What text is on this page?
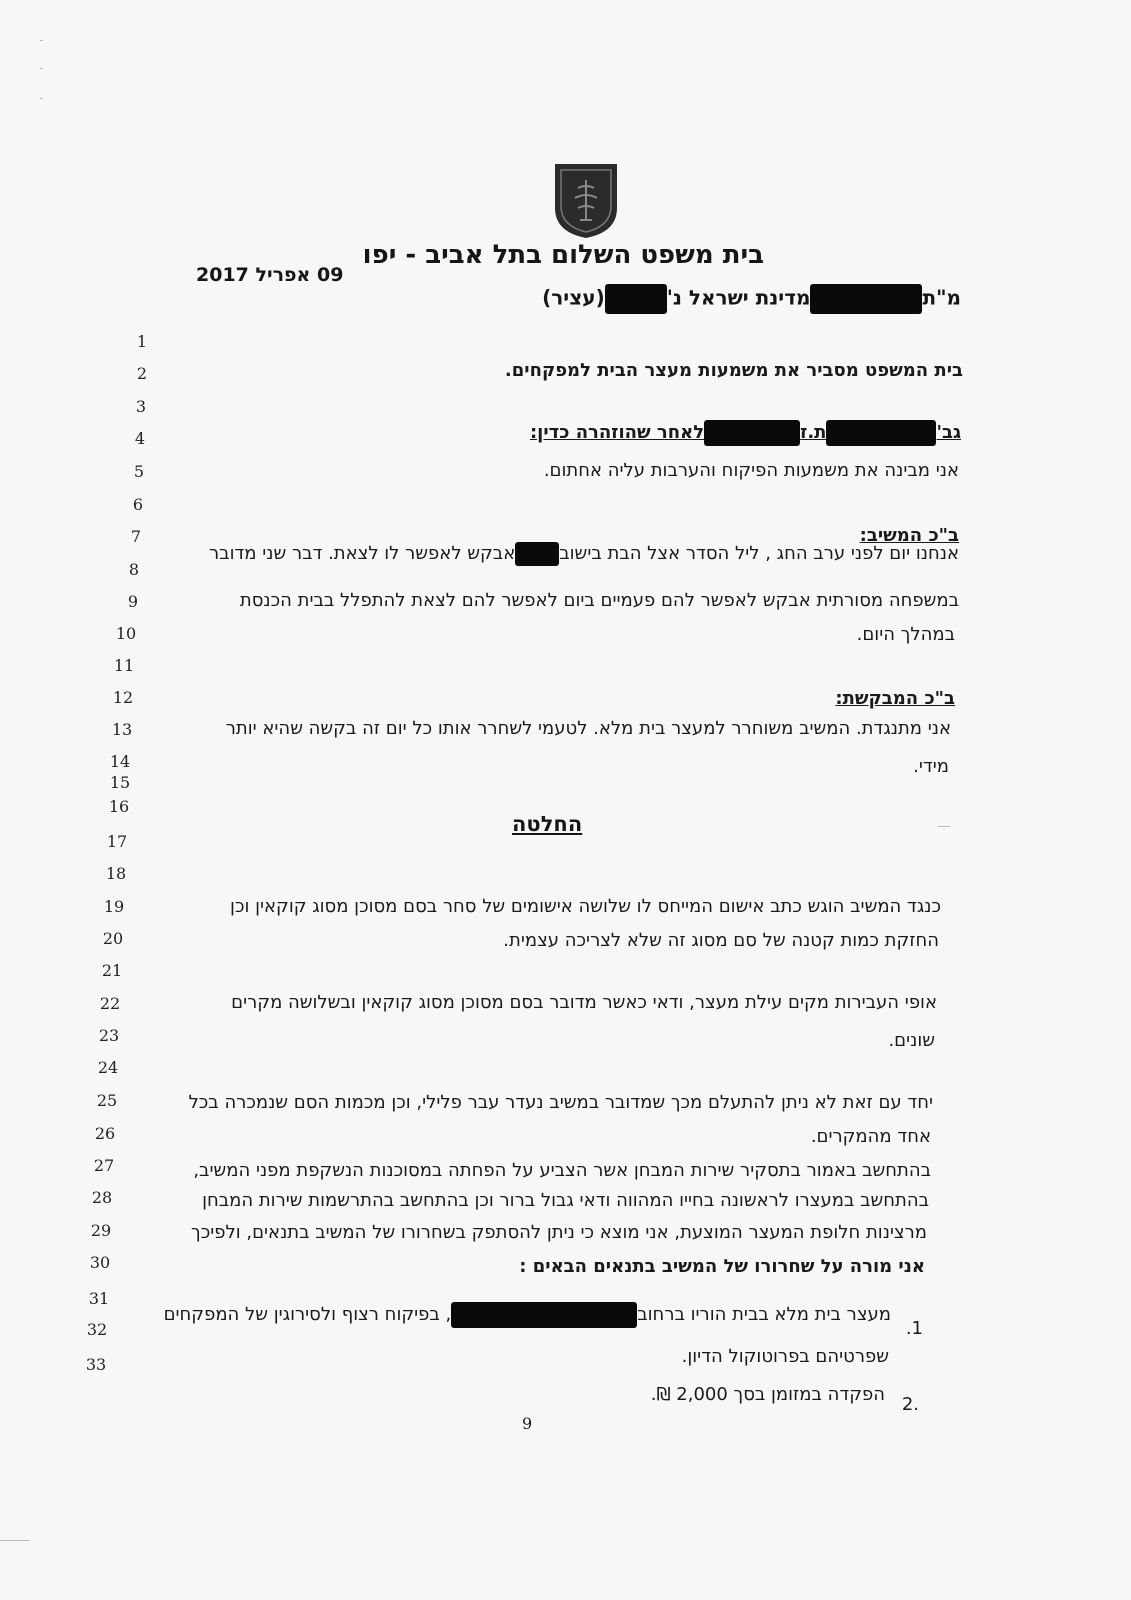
בית משפט השלום בתל אביב - יפו
09 אפריל 2017
מ"תמדינת ישראל נ'(עציר)
1
2
3
4
5
6
7
8
9
10
11
12
13
14
15
16
17
18
19
20
21
22
23
24
25
26
27
28
29
30
31
32
33
בית המשפט מסביר את משמעות מעצר הבית למפקחים.
גב'ת.זלאחר שהוזהרה כדין:
אני מבינה את משמעות הפיקוח והערבות עליה אחתום.
ב"כ המשיב:
אנחנו יום לפני ערב החג , ליל הסדר אצל הבת בישובאבקש לאפשר לו לצאת. דבר שני מדובר
במשפחה מסורתית אבקש לאפשר להם פעמיים ביום לאפשר להם לצאת להתפלל בבית הכנסת
במהלך היום.
ב"כ המבקשת:
אני מתנגדת. המשיב משוחרר למעצר בית מלא. לטעמי לשחרר אותו כל יום זה בקשה שהיא יותר
מידי.
החלטה
כנגד המשיב הוגש כתב אישום המייחס לו שלושה אישומים של סחר בסם מסוכן מסוג קוקאין וכן
החזקת כמות קטנה של סם מסוג זה שלא לצריכה עצמית.
אופי העבירות מקים עילת מעצר, ודאי כאשר מדובר בסם מסוכן מסוג קוקאין ובשלושה מקרים
שונים.
יחד עם זאת לא ניתן להתעלם מכך שמדובר במשיב נעדר עבר פלילי, וכן מכמות הסם שנמכרה בכל
אחד מהמקרים.
בהתחשב באמור בתסקיר שירות המבחן אשר הצביע על הפחתה במסוכנות הנשקפת מפני המשיב,
בהתחשב במעצרו לראשונה בחייו המהווה ודאי גבול ברור וכן בהתחשב בהתרשמות שירות המבחן
מרצינות חלופת המעצר המוצעת, אני מוצא כי ניתן להסתפק בשחרורו של המשיב בתנאים, ולפיכך
אני מורה על שחרורו של המשיב בתנאים הבאים :
1.
מעצר בית מלא בבית הוריו ברחוב, בפיקוח רצוף ולסירוגין של המפקחים
שפרטיהם בפרוטוקול הדיון.
.2
הפקדה במזומן בסך 2,000 ₪.
9
